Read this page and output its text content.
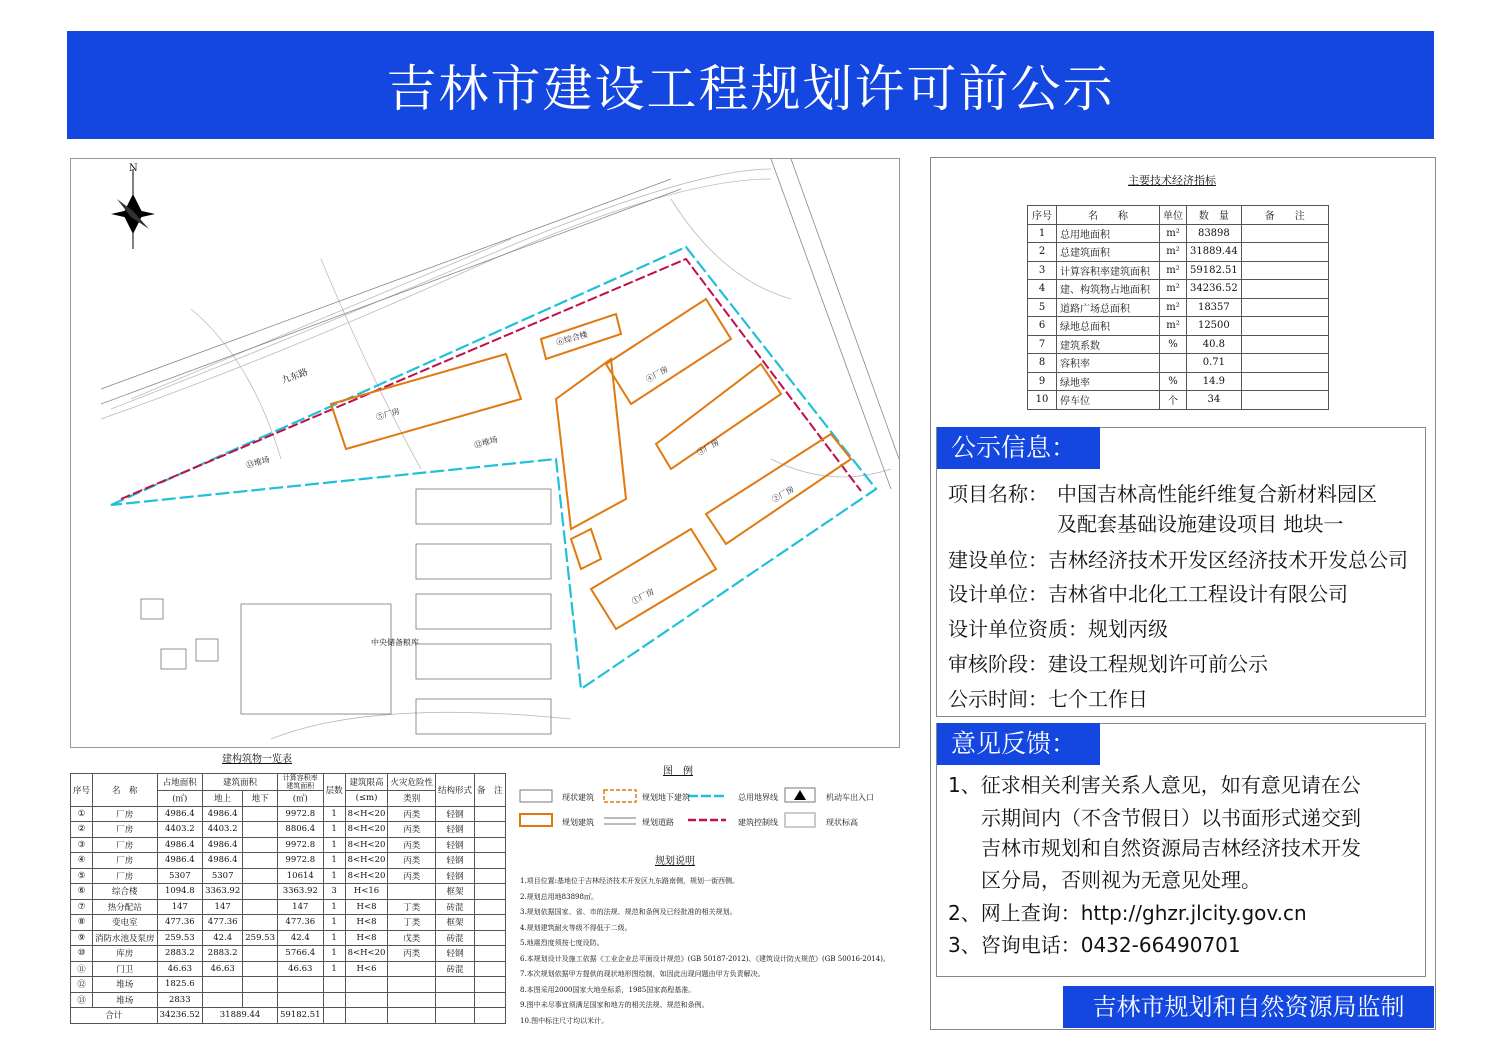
吉林市建设工程规划许可前公示
N
九东路
中央储备粮库
①厂房
②厂房
③厂房
④厂房
⑤厂房
⑥综合楼
⑫堆场
⑬堆场
建构筑物一览表
序号	名　称	占地面积	建筑面积		计算容积率建筑面积	层数	建筑限高	火灾危险性	结构形式	备　注
		(㎡)	地上	地下	(㎡)		(≤m)	类别		
①	厂房	4986.4	4986.4		9972.8	1	8<H<20	丙类	轻钢	
②	厂房	4403.2	4403.2		8806.4	1	8<H<20	丙类	轻钢	
③	厂房	4986.4	4986.4		9972.8	1	8<H<20	丙类	轻钢	
④	厂房	4986.4	4986.4		9972.8	1	8<H<20	丙类	轻钢	
⑤	厂房	5307	5307		10614	1	8<H<20	丙类	轻钢	
⑥	综合楼	1094.8	3363.92		3363.92	3	H<16		框架	
⑦	热分配站	147	147		147	1	H<8	丁类	砖混	
⑧	变电室	477.36	477.36		477.36	1	H<8	丁类	框架	
⑨	消防水池及泵房	259.53	42.4	259.53	42.4	1	H<8	戊类	砖混	
⑩	库房	2883.2	2883.2		5766.4	1	8<H<20	丙类	轻钢	
⑪	门卫	46.63	46.63		46.63	1	H<6		砖混	
⑫	堆场	1825.6								
⑬	堆场	2833								
合计		34236.52	31889.44		59182.51					
图　例
现状建筑	规划地下建筑	总用地界线	机动车出入口
规划建筑	规划道路	建筑控制线	现状标高
规划说明
1.项目位置:基地位于吉林经济技术开发区九东路南侧，规划一街西侧。
2.规划总用地83898㎡。
3.规划依据国家、省、市的法规、规范和条例及已经批准的相关规划。
4.规划建筑耐火等级不得低于二级。
5.地震烈度须按七度设防。
6.本规划设计及施工依据《工业企业总平面设计规范》(GB 50187-2012)、《建筑设计防火规范》(GB 50016-2014)。
7.本次规划依据甲方提供的现状地形图绘制，如因此出现问题由甲方负责解决。
8.本图采用2000国家大地坐标系，1985国家高程基准。
9.图中未尽事宜须满足国家和地方的相关法规、规范和条例。
10.图中标注尺寸均以米计。
主要技术经济指标
序号	名　　称	单位	数　量	备　　注
1	总用地面积	m²	83898	
2	总建筑面积	m²	31889.44	
3	计算容积率建筑面积	m²	59182.51	
4	建、构筑物占地面积	m²	34236.52	
5	道路广场总面积	m²	18357	
6	绿地总面积	m²	12500	
7	建筑系数	%	40.8	
8	容积率		0.71	
9	绿地率	%	14.9	
10	停车位	个	34	
公示信息：
项目名称： 中国吉林高性能纤维复合新材料园区
及配套基础设施建设项目 地块一
建设单位：吉林经济技术开发区经济技术开发总公司
设计单位：吉林省中北化工工程设计有限公司
设计单位资质：规划丙级
审核阶段：建设工程规划许可前公示
公示时间：七个工作日
意见反馈：
1、征求相关利害关系人意见，如有意见请在公
示期间内（不含节假日）以书面形式递交到
吉林市规划和自然资源局吉林经济技术开发
区分局，否则视为无意见处理。
2、网上查询：http://ghzr.jlcity.gov.cn
3、咨询电话：0432-66490701
吉林市规划和自然资源局监制
